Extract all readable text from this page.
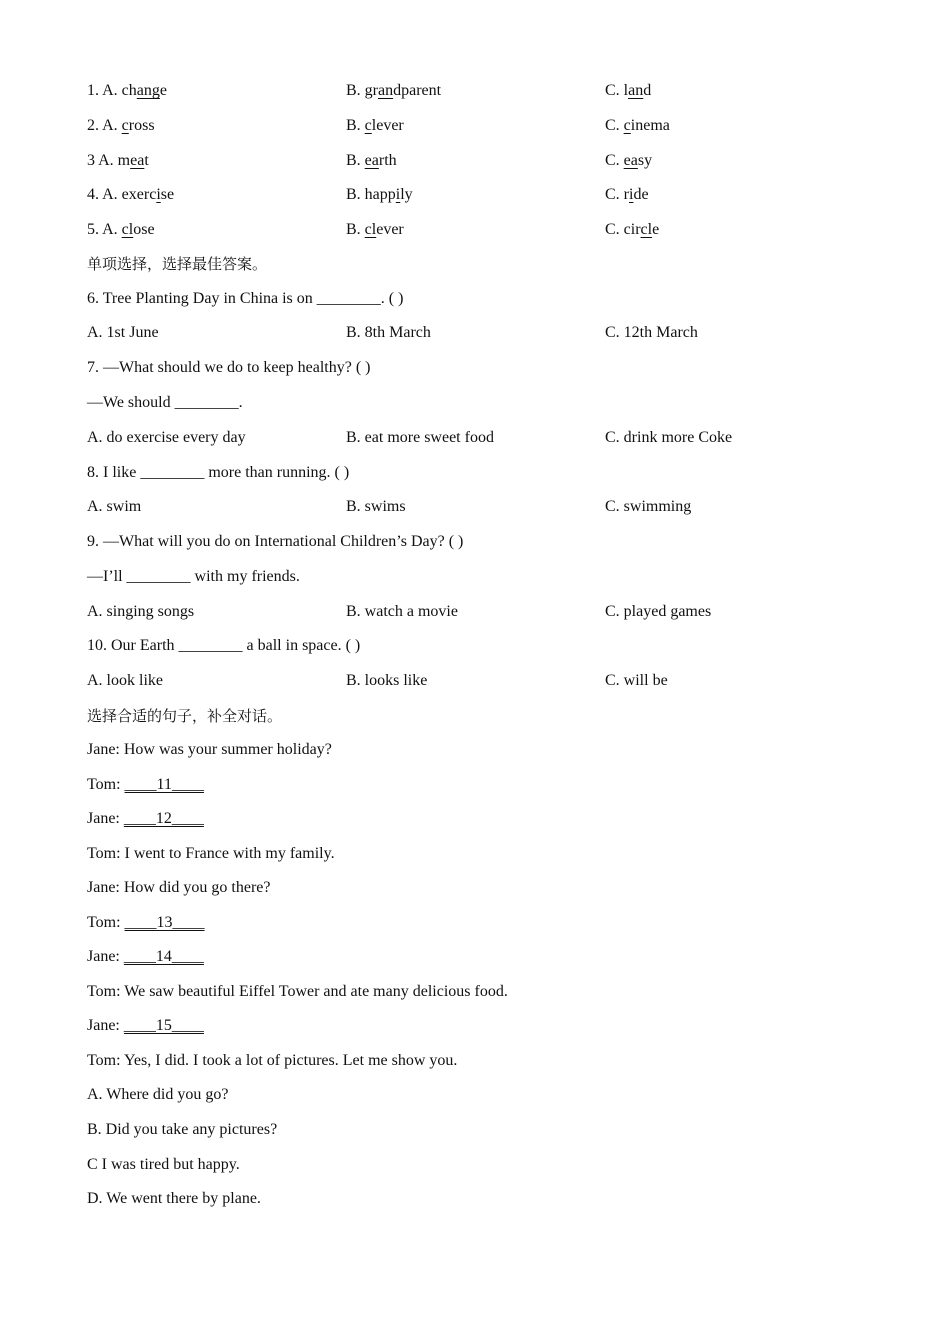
1. A. change	B. grandparent	C. land
2. A. cross	B. clever	C. cinema
3 A. meat	B. earth	C. easy
4. A. exercise	B. happily	C. ride
5. A. close	B. clever	C. circle
单项选择，选择最佳答案。
6. Tree Planting Day in China is on ________. ( )
A. 1st June	B. 8th March	C. 12th March
7. —What should we do to keep healthy? ( )
—We should ________.
A. do exercise every day	B. eat more sweet food	C. drink more Coke
8. I like ________ more than running. ( )
A. swim	B. swims	C. swimming
9. —What will you do on International Children’s Day? ( )
—I’ll ________ with my friends.
A. singing songs	B. watch a movie	C. played games
10. Our Earth ________ a ball in space. ( )
A. look like	B. looks like	C. will be
选择合适的句子，补全对话。
Jane: How was your summer holiday?
Tom: ____11____
Jane: ____12____
Tom: I went to France with my family.
Jane: How did you go there?
Tom: ____13____
Jane: ____14____
Tom: We saw beautiful Eiffel Tower and ate many delicious food.
Jane: ____15____
Tom: Yes, I did. I took a lot of pictures. Let me show you.
A. Where did you go?
B. Did you take any pictures?
C I was tired but happy.
D. We went there by plane.
